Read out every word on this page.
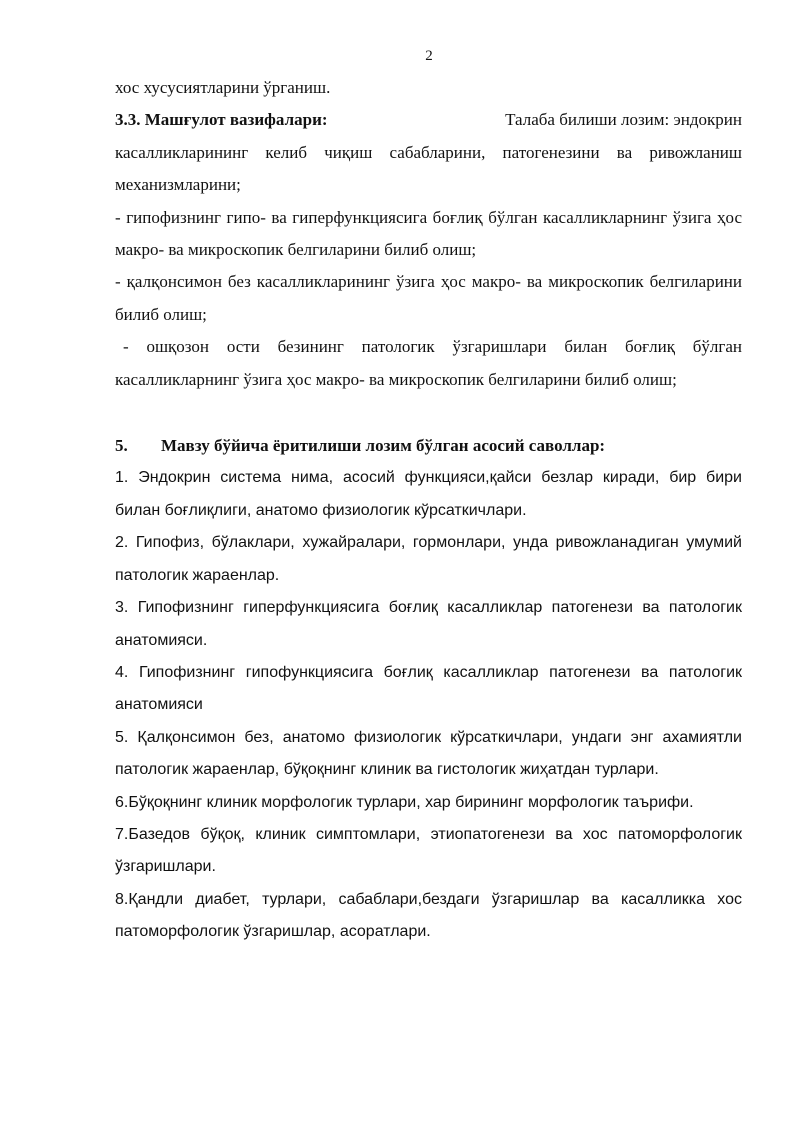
2

хос хусусиятларини ўрганиш.

3.3. Машғулот вазифалари:	Талаба билиши лозим: эндокрин

касалликларининг келиб чиқиш сабабларини, патогенезини ва ривожланиш механизмларини;

- гипофизнинг гипо- ва гиперфункциясига боғлиқ бўлган касалликларнинг ўзига ҳос макро- ва микроскопик белгиларини билиб олиш;

- қалқонсимон без касалликларининг ўзига ҳос макро- ва микроскопик белгиларини билиб олиш;

- ошқозон ости безининг патологик ўзгаришлари билан боғлиқ бўлган касалликларнинг ўзига ҳос макро- ва микроскопик белгиларини билиб олиш;

5.	Мавзу бўйича ёритилиши лозим бўлган асосий саволлар:

1. Эндокрин система нима, асосий функцияси,қайси безлар киради, бир бири билан боғлиқлиги, анатомо физиологик кўрсаткичлари.

2. Гипофиз, бўлаклари, хужайралари, гормонлари, унда ривожланадиган умумий патологик жараенлар.

3. Гипофизнинг гиперфункциясига боғлиқ касалликлар патогенези ва патологик анатомияси.

4. Гипофизнинг гипофункциясига боғлиқ касалликлар патогенези ва патологик анатомияси

5. Қалқонсимон без, анатомо физиологик кўрсаткичлари, ундаги энг ахамиятли патологик жараенлар, бўқоқнинг клиник ва гистологик жиҳатдан турлари.

6.Бўқоқнинг клиник морфологик турлари, хар бирининг морфологик таърифи.

7.Базедов бўқоқ, клиник симптомлари, этиопатогенези ва хос патоморфологик ўзгаришлари.

8.Қандли диабет, турлари, сабаблари,бездаги ўзгаришлар ва касалликка хос патоморфологик ўзгаришлар, асоратлари.
